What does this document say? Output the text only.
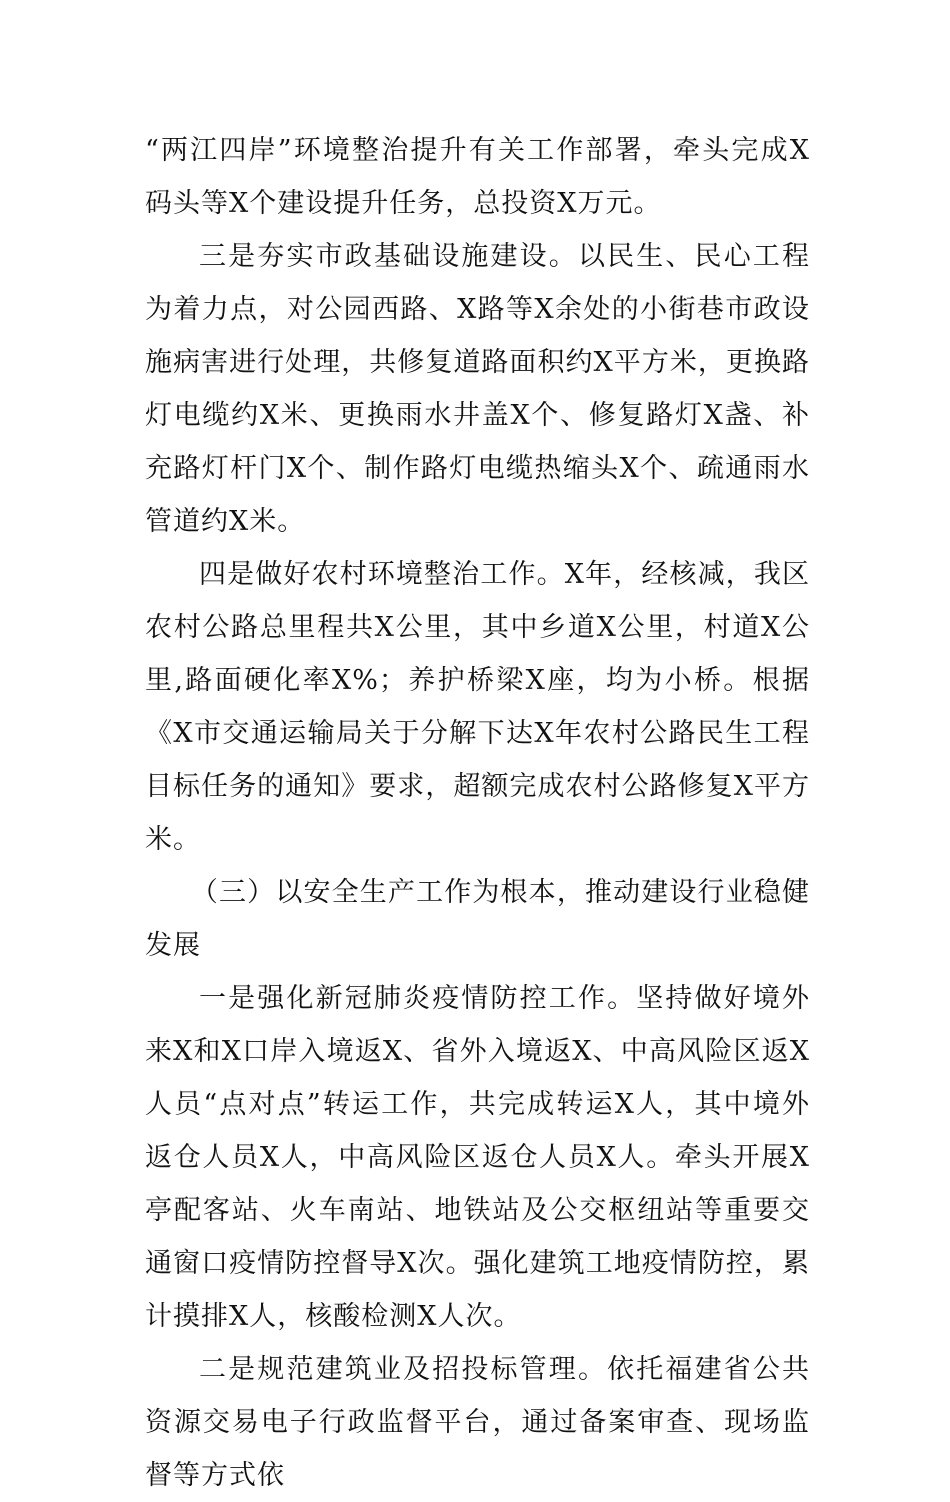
“两江四岸”环境整治提升有关工作部署，牵头完成X码头等X个建设提升任务，总投资X万元。

三是夯实市政基础设施建设。以民生、民心工程为着力点，对公园西路、X路等X余处的小街巷市政设施病害进行处理，共修复道路面积约X平方米，更换路灯电缆约X米、更换雨水井盖X个、修复路灯X盏、补充路灯杆门X个、制作路灯电缆热缩头X个、疏通雨水管道约X米。

四是做好农村环境整治工作。X年，经核减，我区农村公路总里程共X公里，其中乡道X公里，村道X公里,路面硬化率X%；养护桥梁X座，均为小桥。根据《X市交通运输局关于分解下达X年农村公路民生工程目标任务的通知》要求，超额完成农村公路修复X平方米。

（三）以安全生产工作为根本，推动建设行业稳健发展

一是强化新冠肺炎疫情防控工作。坚持做好境外来X和X口岸入境返X、省外入境返X、中高风险区返X人员“点对点”转运工作，共完成转运X人，其中境外返仓人员X人，中高风险区返仓人员X人。牵头开展X亭配客站、火车南站、地铁站及公交枢纽站等重要交通窗口疫情防控督导X次。强化建筑工地疫情防控，累计摸排X人，核酸检测X人次。

二是规范建筑业及招投标管理。依托福建省公共资源交易电子行政监督平台，通过备案审查、现场监督等方式依
